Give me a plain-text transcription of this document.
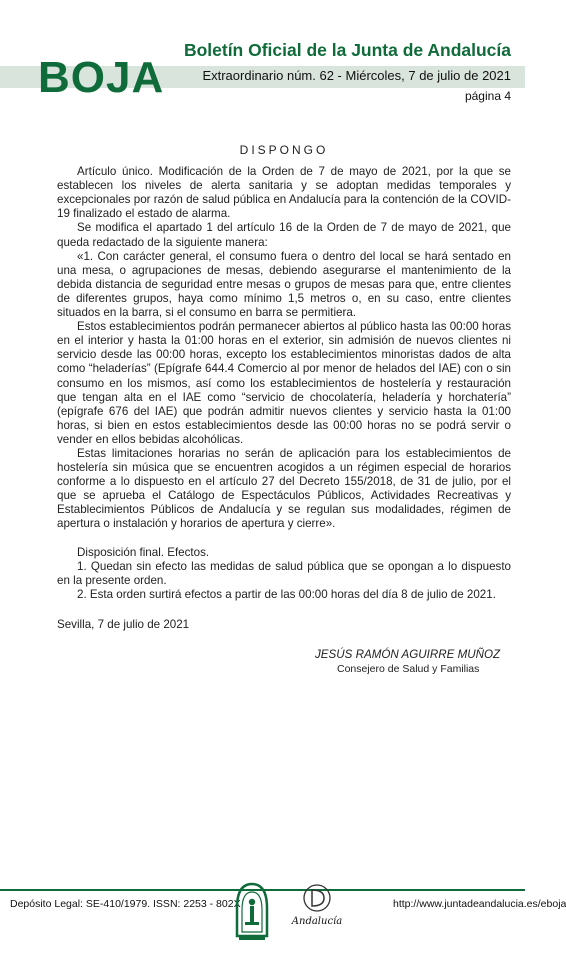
BOJA
Boletín Oficial de la Junta de Andalucía
Extraordinario núm. 62 - Miércoles, 7 de julio de 2021
página 4

DISPONGO

Artículo único. Modificación de la Orden de 7 de mayo de 2021, por la que se establecen los niveles de alerta sanitaria y se adoptan medidas temporales y excepcionales por razón de salud pública en Andalucía para la contención de la COVID-19 finalizado el estado de alarma.

Se modifica el apartado 1 del artículo 16 de la Orden de 7 de mayo de 2021, que queda redactado de la siguiente manera:

«1. Con carácter general, el consumo fuera o dentro del local se hará sentado en una mesa, o agrupaciones de mesas, debiendo asegurarse el mantenimiento de la debida distancia de seguridad entre mesas o grupos de mesas para que, entre clientes de diferentes grupos, haya como mínimo 1,5 metros o, en su caso, entre clientes situados en la barra, si el consumo en barra se permitiera.

Estos establecimientos podrán permanecer abiertos al público hasta las 00:00 horas en el interior y hasta la 01:00 horas en el exterior, sin admisión de nuevos clientes ni servicio desde las 00:00 horas, excepto los establecimientos minoristas dados de alta como “heladerías” (Epígrafe 644.4 Comercio al por menor de helados del IAE) con o sin consumo en los mismos, así como los establecimientos de hostelería y restauración que tengan alta en el IAE como “servicio de chocolatería, heladería y horchatería” (epígrafe 676 del IAE) que podrán admitir nuevos clientes y servicio hasta la 01:00 horas, si bien en estos establecimientos desde las 00:00 horas no se podrá servir o vender en ellos bebidas alcohólicas.

Estas limitaciones horarias no serán de aplicación para los establecimientos de hostelería sin música que se encuentren acogidos a un régimen especial de horarios conforme a lo dispuesto en el artículo 27 del Decreto 155/2018, de 31 de julio, por el que se aprueba el Catálogo de Espectáculos Públicos, Actividades Recreativas y Establecimientos Públicos de Andalucía y se regulan sus modalidades, régimen de apertura o instalación y horarios de apertura y cierre».

Disposición final. Efectos.

1. Quedan sin efecto las medidas de salud pública que se opongan a lo dispuesto en la presente orden.

2. Esta orden surtirá efectos a partir de las 00:00 horas del día 8 de julio de 2021.

Sevilla, 7 de julio de 2021

JESÚS RAMÓN AGUIRRE MUÑOZ

Consejero de Salud y Familias

Depósito Legal: SE-410/1979. ISSN: 2253 - 802X
Andalucía
http://www.juntadeandalucia.es/eboja
